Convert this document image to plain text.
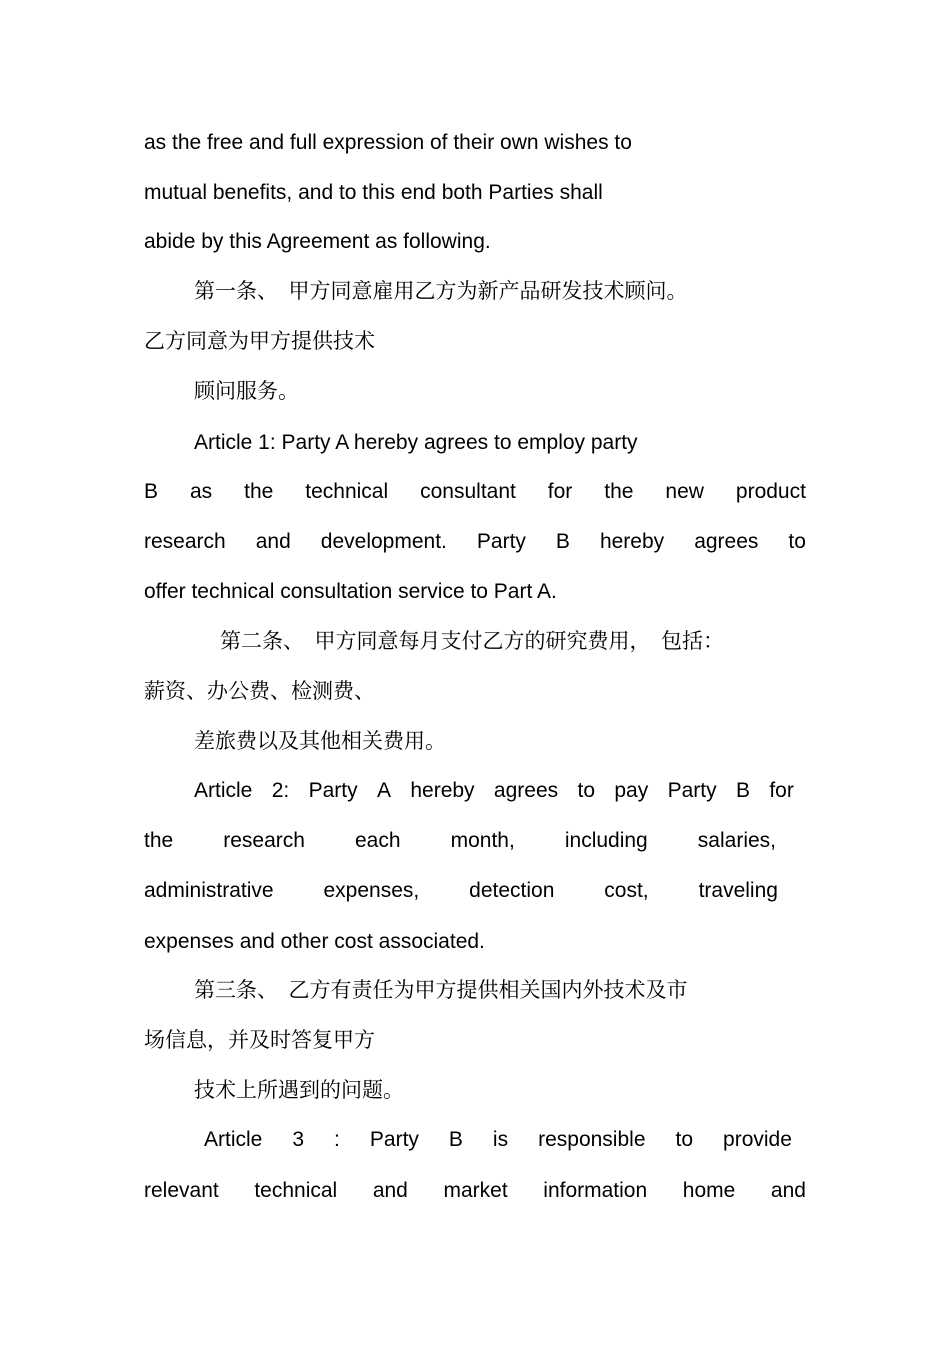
as the free and full expression of their own wishes to
mutual benefits, and to this end both Parties shall
abide by this Agreement as following.
第一条、　甲方同意雇用乙方为新产品研发技术顾问。
乙方同意为甲方提供技术
顾问服务。
Article 1: Party A hereby agrees to employ party
B as the technical consultant for the new product
research and development. Party B hereby agrees to
offer technical consultation service to Part A.
第二条、　甲方同意每月支付乙方的研究费用，　包括：
薪资、办公费、检测费、
差旅费以及其他相关费用。
Article 2: Party A hereby agrees to pay Party B for
the research each month, including salaries,
administrative expenses, detection cost, traveling
expenses and other cost associated.
第三条、　乙方有责任为甲方提供相关国内外技术及市
场信息，并及时答复甲方
技术上所遇到的问题。
Article 3 : Party B is responsible to provide
relevant technical and market information home and
